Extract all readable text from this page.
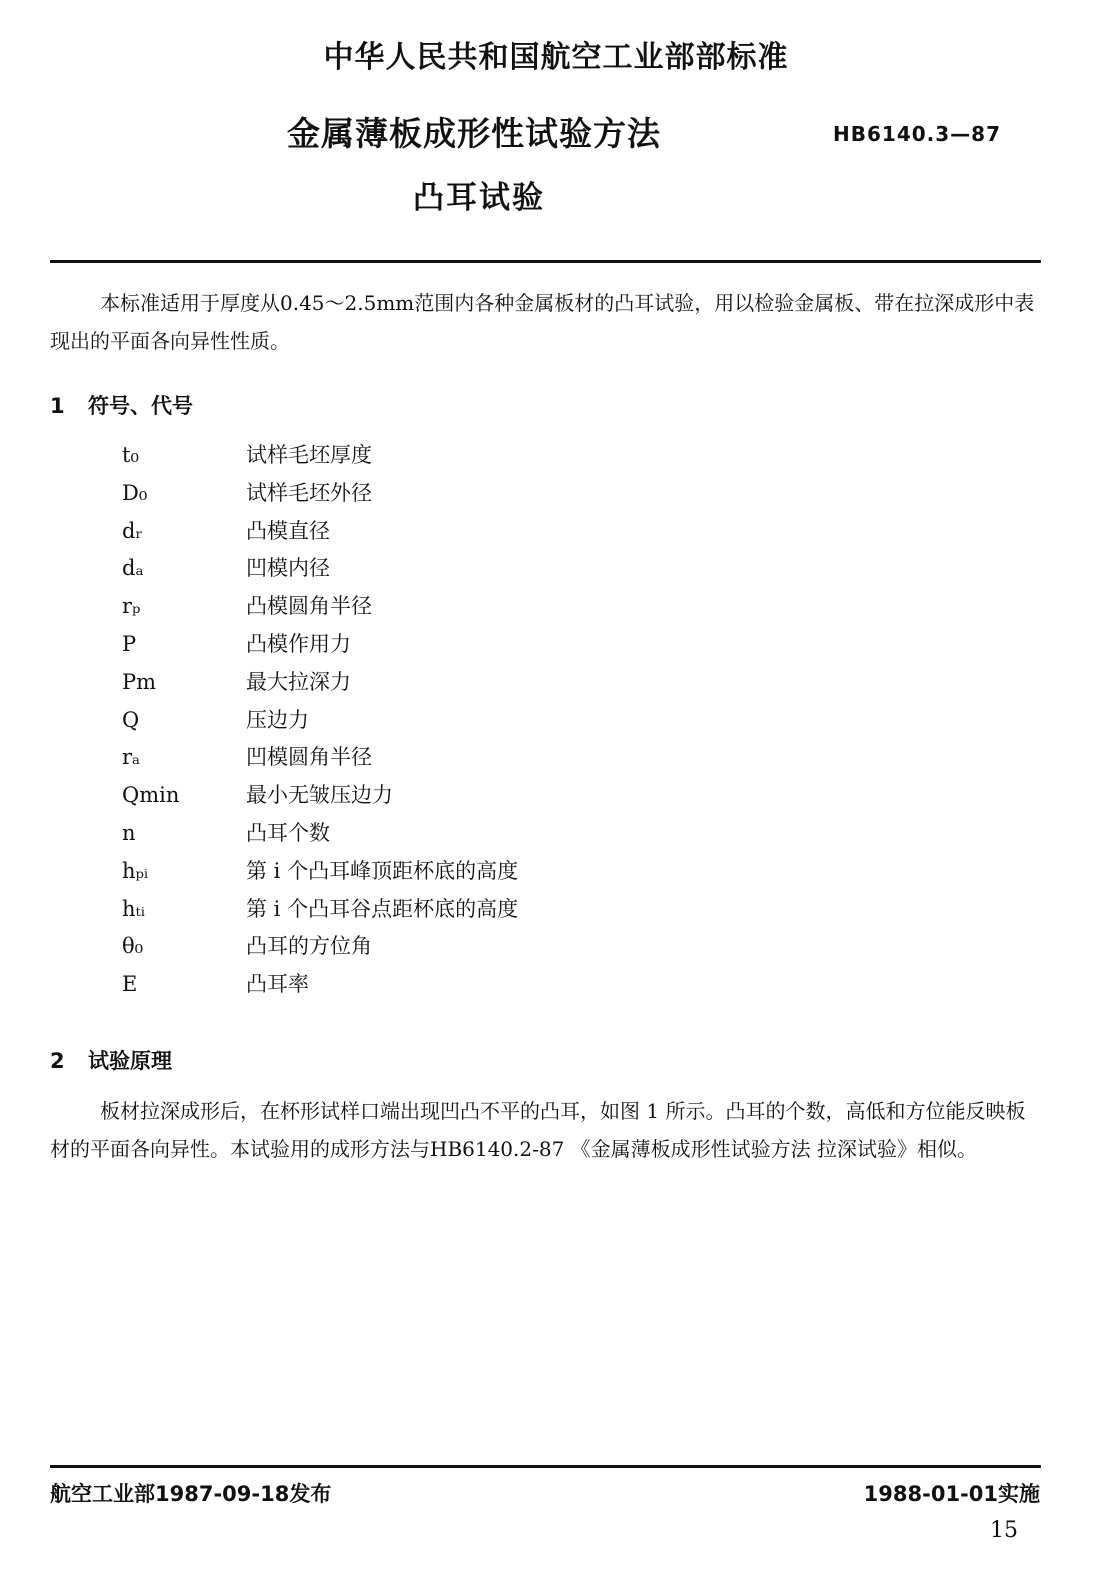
中华人民共和国航空工业部部标准
金属薄板成形性试验方法	HB6140.3—87
凸耳试验
本标准适用于厚度从0.45～2.5mm范围内各种金属板材的凸耳试验，用以检验金属板、带在拉深成形中表现出的平面各向异性性质。
1 符号、代号
t₀	试样毛坯厚度
D₀	试样毛坯外径
dᵣ	凸模直径
dₐ	凹模内径
rₚ	凸模圆角半径
P	凸模作用力
Pm	最大拉深力
Q	压边力
rₐ	凹模圆角半径
Qmin	最小无皱压边力
n	凸耳个数
hₚᵢ	第 i 个凸耳峰顶距杯底的高度
hₜᵢ	第 i 个凸耳谷点距杯底的高度
θ₀	凸耳的方位角
E	凸耳率
2 试验原理
板材拉深成形后，在杯形试样口端出现凹凸不平的凸耳，如图 1 所示。凸耳的个数，高低和方位能反映板材的平面各向异性。本试验用的成形方法与HB6140.2-87 《金属薄板成形性试验方法 拉深试验》相似。
航空工业部1987-09-18发布	1988-01-01实施
15
